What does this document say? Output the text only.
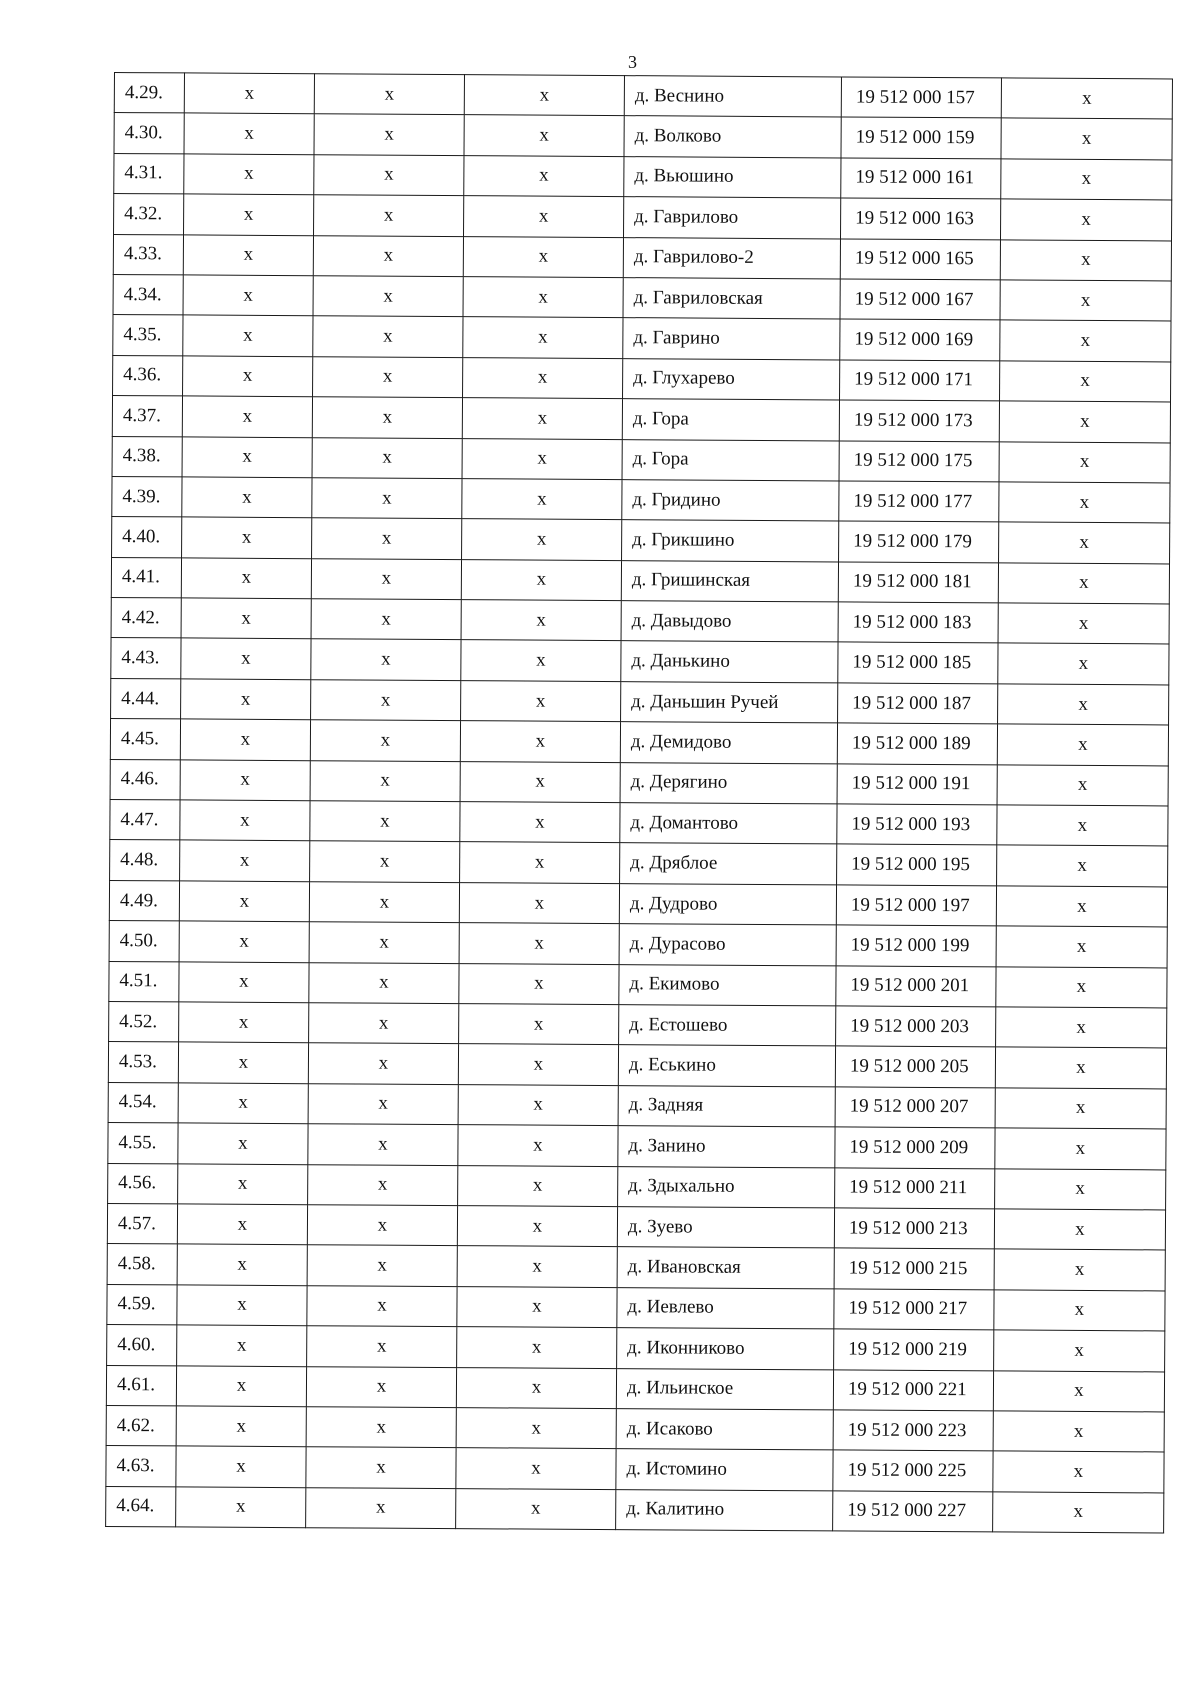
3
4.29.	х	х	х	д. Веснино	19 512 000 157	х
4.30.	х	х	х	д. Волково	19 512 000 159	х
4.31.	х	х	х	д. Вьюшино	19 512 000 161	х
4.32.	х	х	х	д. Гаврилово	19 512 000 163	х
4.33.	х	х	х	д. Гаврилово-2	19 512 000 165	х
4.34.	х	х	х	д. Гавриловская	19 512 000 167	х
4.35.	х	х	х	д. Гаврино	19 512 000 169	х
4.36.	х	х	х	д. Глухарево	19 512 000 171	х
4.37.	х	х	х	д. Гора	19 512 000 173	х
4.38.	х	х	х	д. Гора	19 512 000 175	х
4.39.	х	х	х	д. Гридино	19 512 000 177	х
4.40.	х	х	х	д. Грикшино	19 512 000 179	х
4.41.	х	х	х	д. Гришинская	19 512 000 181	х
4.42.	х	х	х	д. Давыдово	19 512 000 183	х
4.43.	х	х	х	д. Данькино	19 512 000 185	х
4.44.	х	х	х	д. Даньшин Ручей	19 512 000 187	х
4.45.	х	х	х	д. Демидово	19 512 000 189	х
4.46.	х	х	х	д. Дерягино	19 512 000 191	х
4.47.	х	х	х	д. Домантово	19 512 000 193	х
4.48.	х	х	х	д. Дряблое	19 512 000 195	х
4.49.	х	х	х	д. Дудрово	19 512 000 197	х
4.50.	х	х	х	д. Дурасово	19 512 000 199	х
4.51.	х	х	х	д. Екимово	19 512 000 201	х
4.52.	х	х	х	д. Естошево	19 512 000 203	х
4.53.	х	х	х	д. Еськино	19 512 000 205	х
4.54.	х	х	х	д. Задняя	19 512 000 207	х
4.55.	х	х	х	д. Занино	19 512 000 209	х
4.56.	х	х	х	д. Здыхально	19 512 000 211	х
4.57.	х	х	х	д. Зуево	19 512 000 213	х
4.58.	х	х	х	д. Ивановская	19 512 000 215	х
4.59.	х	х	х	д. Иевлево	19 512 000 217	х
4.60.	х	х	х	д. Иконниково	19 512 000 219	х
4.61.	х	х	х	д. Ильинское	19 512 000 221	х
4.62.	х	х	х	д. Исаково	19 512 000 223	х
4.63.	х	х	х	д. Истомино	19 512 000 225	х
4.64.	х	х	х	д. Калитино	19 512 000 227	х
